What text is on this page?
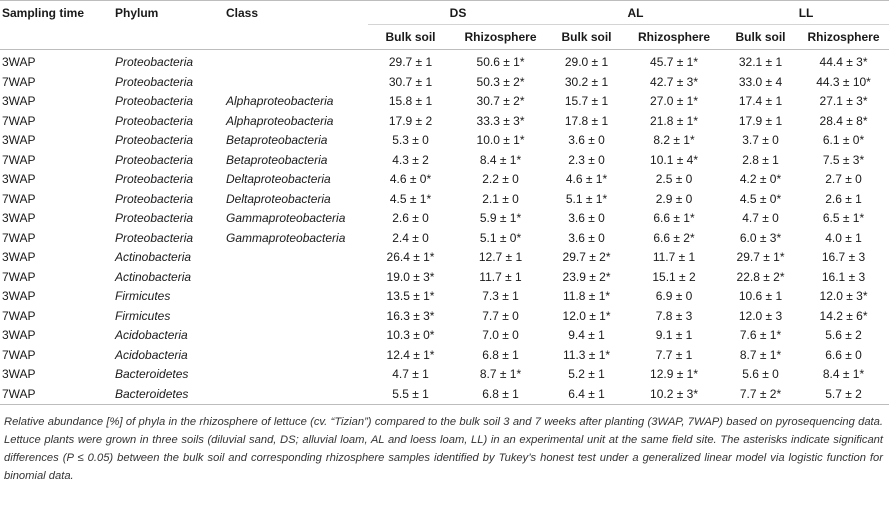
Sampling time	Phylum	Class	DS		AL		LL	
			Bulk soil	Rhizosphere	Bulk soil	Rhizosphere	Bulk soil	Rhizosphere
3WAP	Proteobacteria		29.7 ± 1	50.6 ± 1*	29.0 ± 1	45.7 ± 1*	32.1 ± 1	44.4 ± 3*
7WAP	Proteobacteria		30.7 ± 1	50.3 ± 2*	30.2 ± 1	42.7 ± 3*	33.0 ± 4	44.3 ± 10*
3WAP	Proteobacteria	Alphaproteobacteria	15.8 ± 1	30.7 ± 2*	15.7 ± 1	27.0 ± 1*	17.4 ± 1	27.1 ± 3*
7WAP	Proteobacteria	Alphaproteobacteria	17.9 ± 2	33.3 ± 3*	17.8 ± 1	21.8 ± 1*	17.9 ± 1	28.4 ± 8*
3WAP	Proteobacteria	Betaproteobacteria	5.3 ± 0	10.0 ± 1*	3.6 ± 0	8.2 ± 1*	3.7 ± 0	6.1 ± 0*
7WAP	Proteobacteria	Betaproteobacteria	4.3 ± 2	8.4 ± 1*	2.3 ± 0	10.1 ± 4*	2.8 ± 1	7.5 ± 3*
3WAP	Proteobacteria	Deltaproteobacteria	4.6 ± 0*	2.2 ± 0	4.6 ± 1*	2.5 ± 0	4.2 ± 0*	2.7 ± 0
7WAP	Proteobacteria	Deltaproteobacteria	4.5 ± 1*	2.1 ± 0	5.1 ± 1*	2.9 ± 0	4.5 ± 0*	2.6 ± 1
3WAP	Proteobacteria	Gammaproteobacteria	2.6 ± 0	5.9 ± 1*	3.6 ± 0	6.6 ± 1*	4.7 ± 0	6.5 ± 1*
7WAP	Proteobacteria	Gammaproteobacteria	2.4 ± 0	5.1 ± 0*	3.6 ± 0	6.6 ± 2*	6.0 ± 3*	4.0 ± 1
3WAP	Actinobacteria		26.4 ± 1*	12.7 ± 1	29.7 ± 2*	11.7 ± 1	29.7 ± 1*	16.7 ± 3
7WAP	Actinobacteria		19.0 ± 3*	11.7 ± 1	23.9 ± 2*	15.1 ± 2	22.8 ± 2*	16.1 ± 3
3WAP	Firmicutes		13.5 ± 1*	7.3 ± 1	11.8 ± 1*	6.9 ± 0	10.6 ± 1	12.0 ± 3*
7WAP	Firmicutes		16.3 ± 3*	7.7 ± 0	12.0 ± 1*	7.8 ± 3	12.0 ± 3	14.2 ± 6*
3WAP	Acidobacteria		10.3 ± 0*	7.0 ± 0	9.4 ± 1	9.1 ± 1	7.6 ± 1*	5.6 ± 2
7WAP	Acidobacteria		12.4 ± 1*	6.8 ± 1	11.3 ± 1*	7.7 ± 1	8.7 ± 1*	6.6 ± 0
3WAP	Bacteroidetes		4.7 ± 1	8.7 ± 1*	5.2 ± 1	12.9 ± 1*	5.6 ± 0	8.4 ± 1*
7WAP	Bacteroidetes		5.5 ± 1	6.8 ± 1	6.4 ± 1	10.2 ± 3*	7.7 ± 2*	5.7 ± 2
Relative abundance [%] of phyla in the rhizosphere of lettuce (cv. “Tizian”) compared to the bulk soil 3 and 7 weeks after planting (3WAP, 7WAP) based on pyrosequencing data. Lettuce plants were grown in three soils (diluvial sand, DS; alluvial loam, AL and loess loam, LL) in an experimental unit at the same field site. The asterisks indicate significant differences (P ≤ 0.05) between the bulk soil and corresponding rhizosphere samples identified by Tukey’s honest test under a generalized linear model via logistic function for binomial data.
